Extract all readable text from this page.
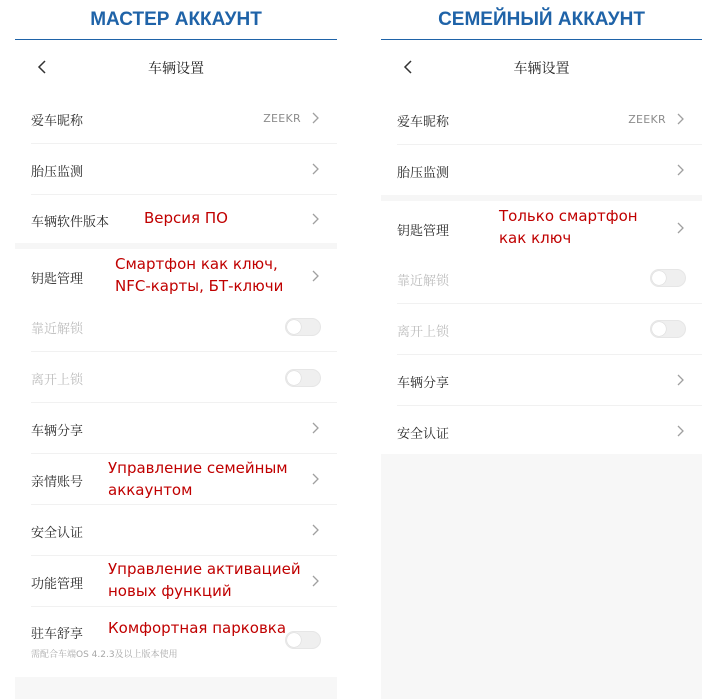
МАСТЕР АККАУНТ
车辆设置
爱车昵称	ZEEKR
胎压监测
车辆软件版本
钥匙管理
靠近解锁
离开上锁
车辆分享
亲情账号
安全认证
功能管理
驻车舒享
需配合车端OS 4.2.3及以上版本使用
Версия ПО
Смартфон как ключ,
NFC-карты, БТ-ключи
Управление семейным
аккаунтом
Управление активацией
новых функций
Комфортная парковка
СЕМЕЙНЫЙ АККАУНТ
车辆设置
爱车昵称	ZEEKR
胎压监测
钥匙管理
靠近解锁
离开上锁
车辆分享
安全认证
Только смартфон
как ключ
